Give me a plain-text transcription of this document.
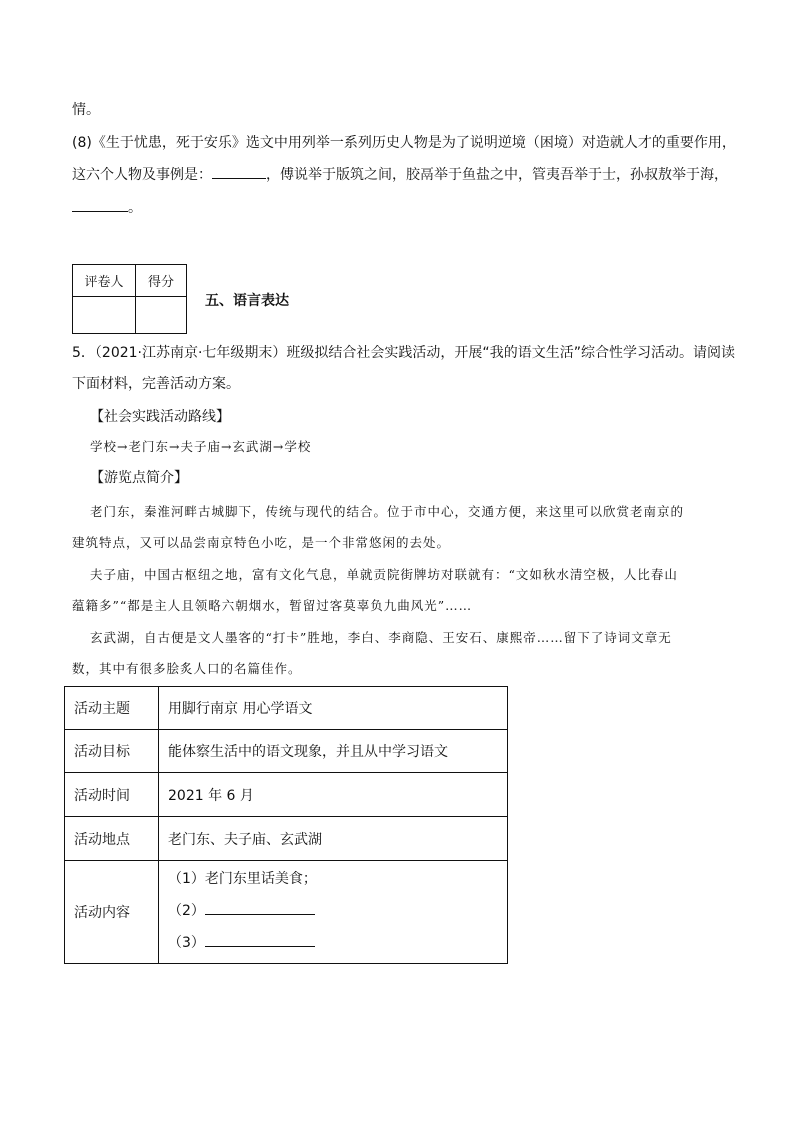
情。
(8)《生于忧患，死于安乐》选文中用列举一系列历史人物是为了说明逆境（困境）对造就人才的重要作用，
这六个人物及事例是：	，傅说举于版筑之间，胶鬲举于鱼盐之中，管夷吾举于士，孙叔敖举于海，
。
评卷人	得分

五、语言表达
5．（2021·江苏南京·七年级期末）班级拟结合社会实践活动，开展“我的语文生活”综合性学习活动。请阅读
下面材料，完善活动方案。
【社会实践活动路线】
学校→老门东→夫子庙→玄武湖→学校
【游览点简介】
老门东，秦淮河畔古城脚下，传统与现代的结合。位于市中心，交通方便，来这里可以欣赏老南京的
建筑特点，又可以品尝南京特色小吃，是一个非常悠闲的去处。
夫子庙，中国古枢纽之地，富有文化气息，单就贡院街牌坊对联就有：“文如秋水清空极，人比春山
蕴籍多”“都是主人且领略六朝烟水，暂留过客莫辜负九曲风光”……
玄武湖，自古便是文人墨客的“打卡”胜地，李白、李商隐、王安石、康熙帝……留下了诗词文章无
数，其中有很多脍炙人口的名篇佳作。
活动主题	用脚行南京 用心学语文
活动目标	能体察生活中的语文现象，并且从中学习语文
活动时间	2021 年 6 月
活动地点	老门东、夫子庙、玄武湖
活动内容	（1）老门东里话美食；
（2）
（3）
